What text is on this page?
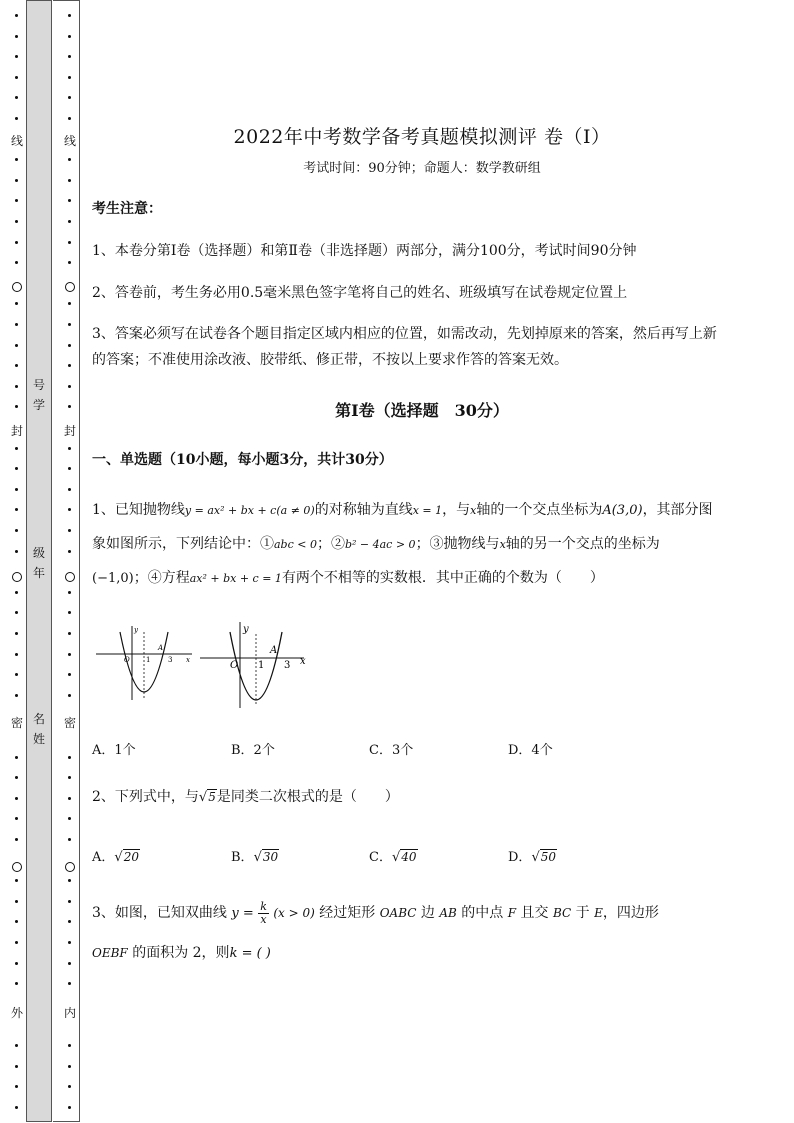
线
封
密
外
号
学
级
年
名
姓
线
封
密
内
2022年中考数学备考真题模拟测评 卷（Ⅰ）
考试时间：90分钟；命题人：数学教研组
考生注意：
1、本卷分第Ⅰ卷（选择题）和第Ⅱ卷（非选择题）两部分，满分100分，考试时间90分钟
2、答卷前，考生务必用0.5毫米黑色签字笔将自己的姓名、班级填写在试卷规定位置上
3、答案必须写在试卷各个题目指定区域内相应的位置，如需改动，先划掉原来的答案，然后再写上新
的答案；不准使用涂改液、胶带纸、修正带，不按以上要求作答的答案无效。
第Ⅰ卷（选择题　30分）
一、单选题（10小题，每小题3分，共计30分）
1、已知抛物线y = ax² + bx + c(a ≠ 0)的对称轴为直线x = 1，与x轴的一个交点坐标为A(3,0)，其部分图
象如图所示，下列结论中：①abc < 0；②b² − 4ac > 0；③抛物线与x轴的另一个交点的坐标为
(−1,0)；④方程ax² + bx + c = 1有两个不相等的实数根．其中正确的个数为（　　）
y
O 1
A
3 x
y
O 1
A
3 x
A．1个	B．2个	C．3个	D．4个
2、下列式中，与√5是同类二次根式的是（　　）
A．√20	B．√30	C．√40	D．√50
3、如图，已知双曲线 $y = \frac{k}{x} (x > 0)$ 经过矩形 OABC 边 AB 的中点 F 且交 BC 于 E，四边形
OEBF 的面积为 2，则k = ( )
